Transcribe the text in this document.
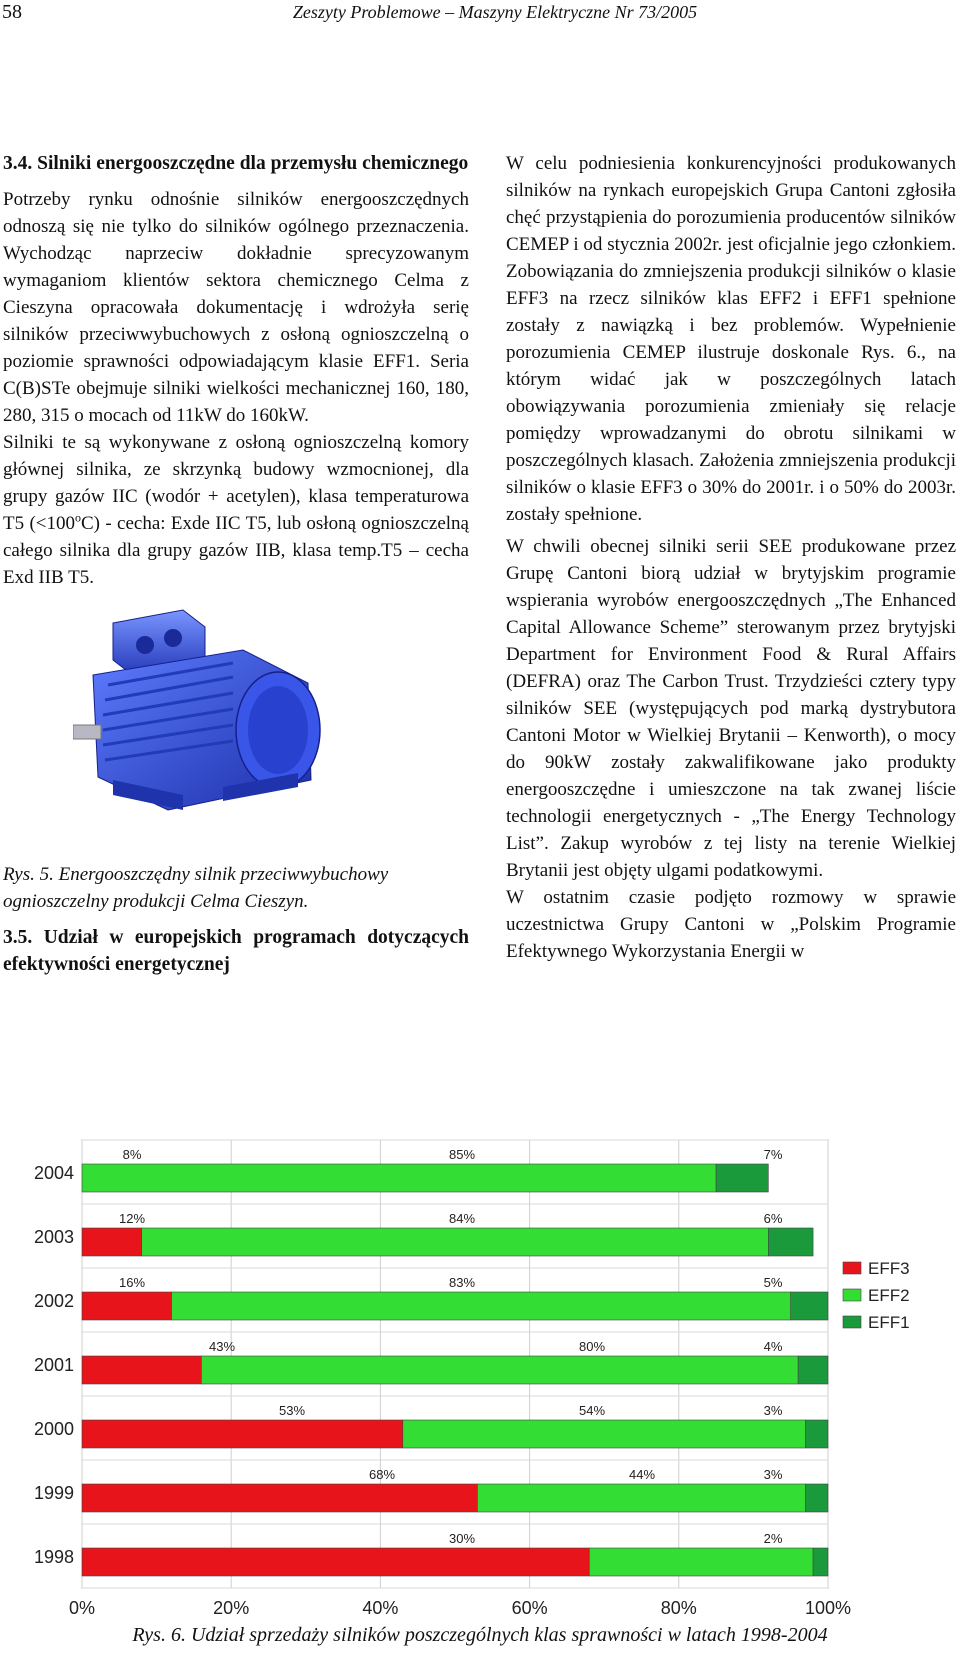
58	Zeszyty Problemowe – Maszyny Elektryczne Nr 73/2005
3.4. Silniki energooszczędne dla przemysłu chemicznego

Potrzeby rynku odnośnie silników energooszczędnych odnoszą się nie tylko do silników ogólnego przeznaczenia. Wychodząc naprzeciw dokładnie sprecyzowanym wymaganiom klientów sektora chemicznego Celma z Cieszyna opracowała dokumentację i wdrożyła serię silników przeciwwybuchowych z osłoną ognioszczelną o poziomie sprawności odpowiadającym klasie EFF1. Seria C(B)STe obejmuje silniki wielkości mechanicznej 160, 180, 280, 315 o mocach od 11kW do 160kW.

Silniki te są wykonywane z osłoną ognioszczelną komory głównej silnika, ze skrzynką budowy wzmocnionej, dla grupy gazów IIC (wodór + acetylen), klasa temperaturowa T5 $(<100^oC)$ - cecha: Exde IIC T5, lub osłoną ognioszczelną całego silnika dla grupy gazów IIB, klasa temp.T5 – cecha Exd IIB T5.

Rys. 5. Energooszczędny silnik przeciwwybuchowy ognioszczelny produkcji Celma Cieszyn.

3.5. Udział w europejskich programach dotyczących efektywności energetycznej

W celu podniesienia konkurencyjności produkowanych silników na rynkach europejskich Grupa Cantoni zgłosiła chęć przystąpienia do porozumienia producentów silników CEMEP i od stycznia 2002r. jest oficjalnie jego członkiem. Zobowiązania do zmniejszenia produkcji silników o klasie EFF3 na rzecz silników klas EFF2 i EFF1 spełnione zostały z nawiązką i bez problemów. Wypełnienie porozumienia CEMEP ilustruje doskonale Rys. 6., na którym widać jak w poszczególnych latach obowiązywania porozumienia zmieniały się relacje pomiędzy wprowadzanymi do obrotu silnikami w poszczególnych klasach. Założenia zmniejszenia produkcji silników o klasie EFF3 o 30% do 2001r. i o 50% do 2003r. zostały spełnione.

W chwili obecnej silniki serii SEE produkowane przez Grupę Cantoni biorą udział w brytyjskim programie wspierania wyrobów energooszczędnych „The Enhanced Capital Allowance Scheme” sterowanym przez brytyjski Department for Environment Food & Rural Affairs (DEFRA) oraz The Carbon Trust. Trzydzieści cztery typy silników SEE (występujących pod marką dystrybutora Cantoni Motor w Wielkiej Brytanii – Kenworth), o mocy do 90kW zostały zakwalifikowane jako produkty energooszczędne i umieszczone na tak zwanej liście technologii energetycznych - „The Energy Technology List”. Zakup wyrobów z tej listy na terenie Wielkiej Brytanii jest objęty ulgami podatkowymi.

W ostatnim czasie podjęto rozmowy w sprawie uczestnictwa Grupy Cantoni w „Polskim Programie Efektywnego Wykorzystania Energii w

0%	20%	40%	60%	80%	100%
2004
8%	85%	7%
2003
12%	84%	6%
2002
16%	83%	5%
2001
43%	80%	4%
2000
53%	54%	3%
1999
68%	44%	3%
1998
30%	2%
EFF3
EFF2
EFF1
Rys. 6. Udział sprzedaży silników poszczególnych klas sprawności w latach 1998-2004
